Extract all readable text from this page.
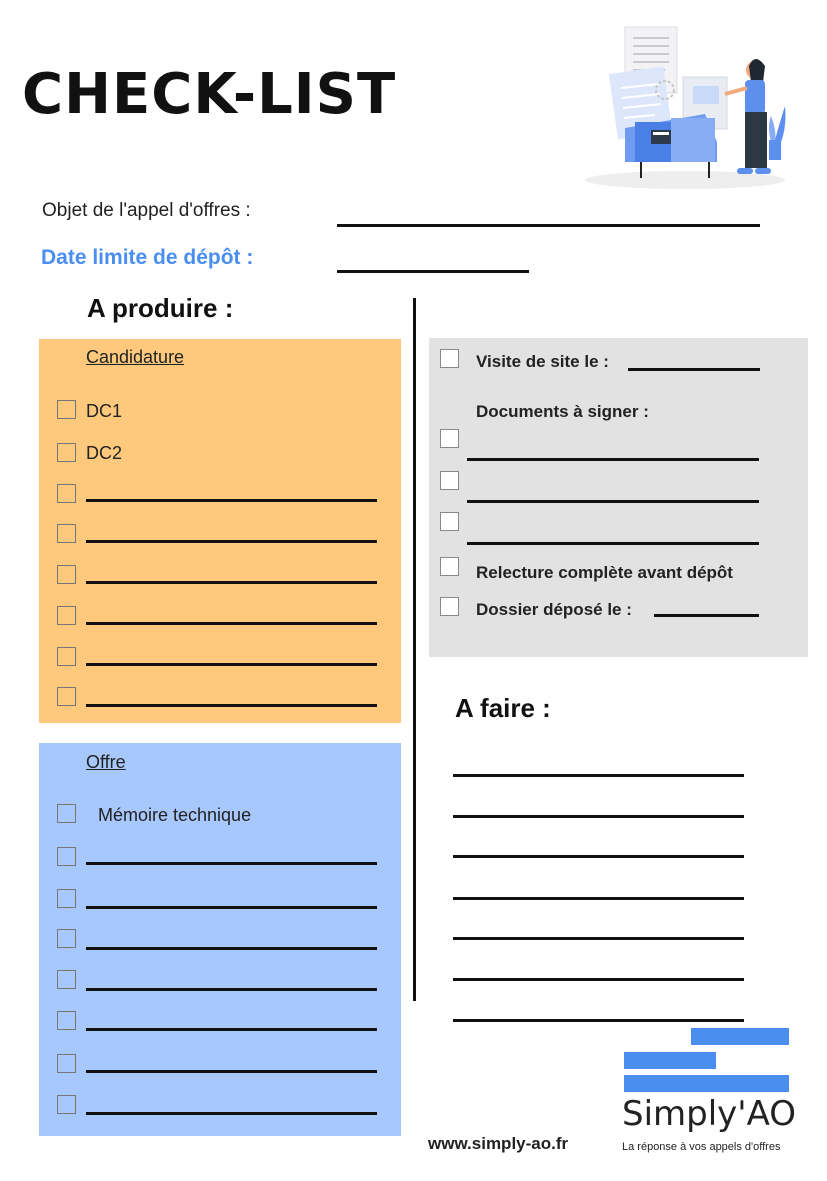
CHECK-LIST
Objet de l'appel d'offres :
Date limite de dépôt :
A produire :
A faire :
Candidature
DC1
DC2
Offre
Mémoire technique
Visite de site le :
Documents à signer :
Relecture complète avant dépôt
Dossier déposé le :
Simply'AO
La réponse à vos appels d'offres
www.simply-ao.fr
